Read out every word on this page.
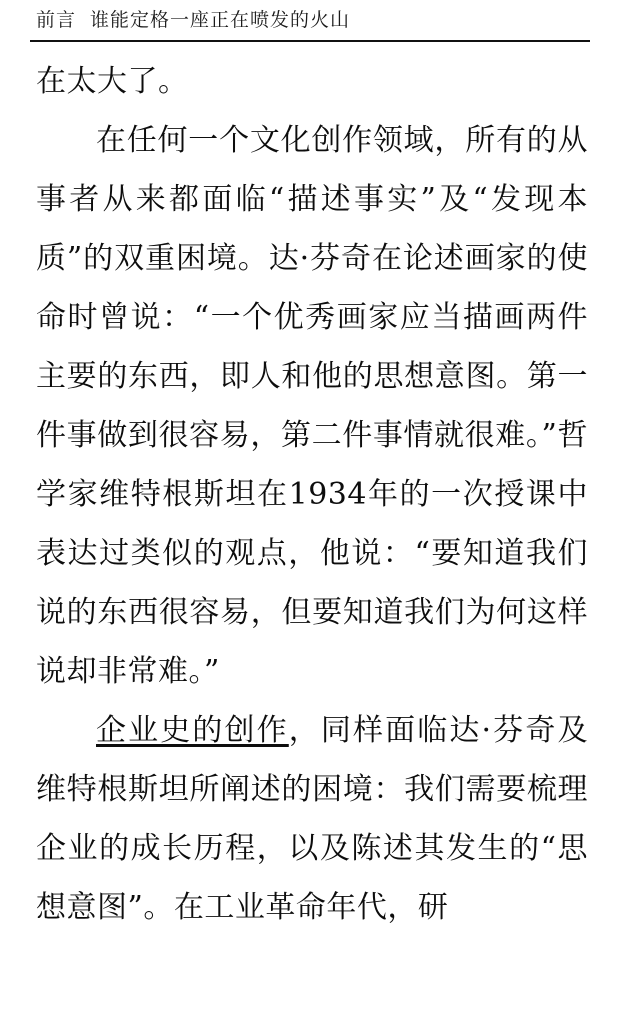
前言 谁能定格一座正在喷发的火山

在太大了。

在任何一个文化创作领域，所有的从事者从来都面临“描述事实”及“发现本质”的双重困境。达·芬奇在论述画家的使命时曾说：“一个优秀画家应当描画两件主要的东西，即人和他的思想意图。第一件事做到很容易，第二件事情就很难。”哲学家维特根斯坦在1934年的一次授课中表达过类似的观点，他说：“要知道我们说的东西很容易，但要知道我们为何这样说却非常难。”

企业史的创作，同样面临达·芬奇及维特根斯坦所阐述的困境：我们需要梳理企业的成长历程，以及陈述其发生的“思想意图”。在工业革命年代，研
